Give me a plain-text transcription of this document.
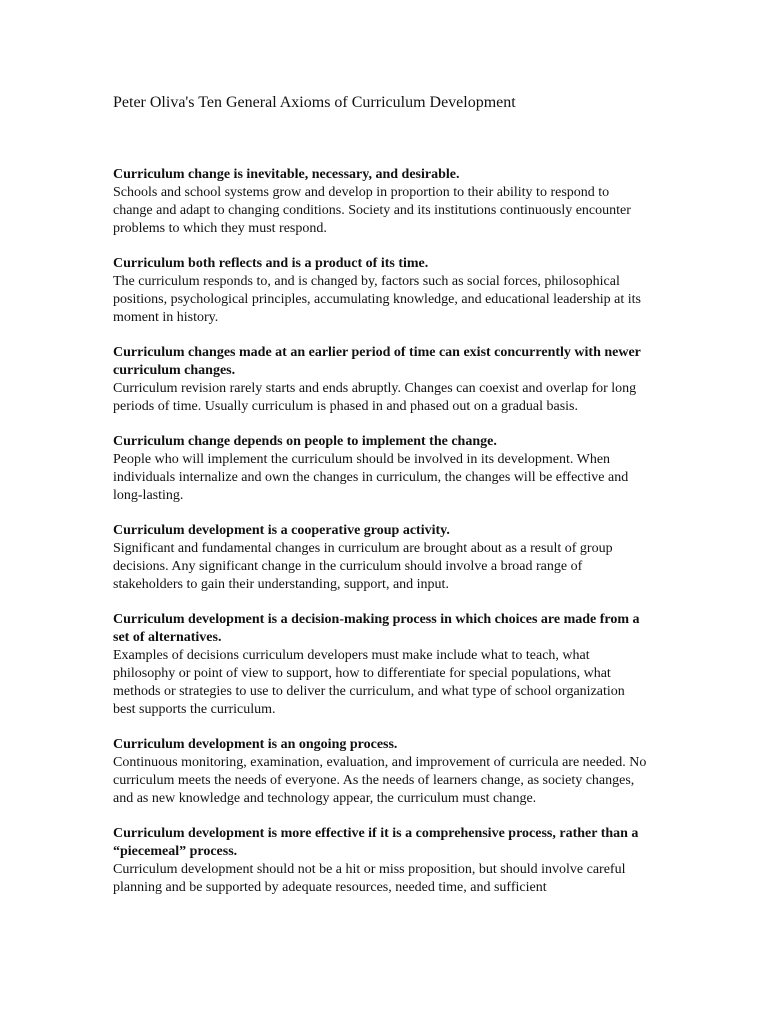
Peter Oliva's Ten General Axioms of Curriculum Development
Curriculum change is inevitable, necessary, and desirable.
Schools and school systems grow and develop in proportion to their ability to respond to change and adapt to changing conditions. Society and its institutions continuously encounter problems to which they must respond.
Curriculum both reflects and is a product of its time.
The curriculum responds to, and is changed by, factors such as social forces, philosophical positions, psychological principles, accumulating knowledge, and educational leadership at its moment in history.
Curriculum changes made at an earlier period of time can exist concurrently with newer curriculum changes.
Curriculum revision rarely starts and ends abruptly. Changes can coexist and overlap for long periods of time. Usually curriculum is phased in and phased out on a gradual basis.
Curriculum change depends on people to implement the change.
People who will implement the curriculum should be involved in its development. When individuals internalize and own the changes in curriculum, the changes will be effective and long-lasting.
Curriculum development is a cooperative group activity.
Significant and fundamental changes in curriculum are brought about as a result of group decisions. Any significant change in the curriculum should involve a broad range of stakeholders to gain their understanding, support, and input.
Curriculum development is a decision-making process in which choices are made from a set of alternatives.
Examples of decisions curriculum developers must make include what to teach, what philosophy or point of view to support, how to differentiate for special populations, what methods or strategies to use to deliver the curriculum, and what type of school organization best supports the curriculum.
Curriculum development is an ongoing process.
Continuous monitoring, examination, evaluation, and improvement of curricula are needed. No curriculum meets the needs of everyone. As the needs of learners change, as society changes, and as new knowledge and technology appear, the curriculum must change.
Curriculum development is more effective if it is a comprehensive process, rather than a “piecemeal” process.
Curriculum development should not be a hit or miss proposition, but should involve careful planning and be supported by adequate resources, needed time, and sufficient
